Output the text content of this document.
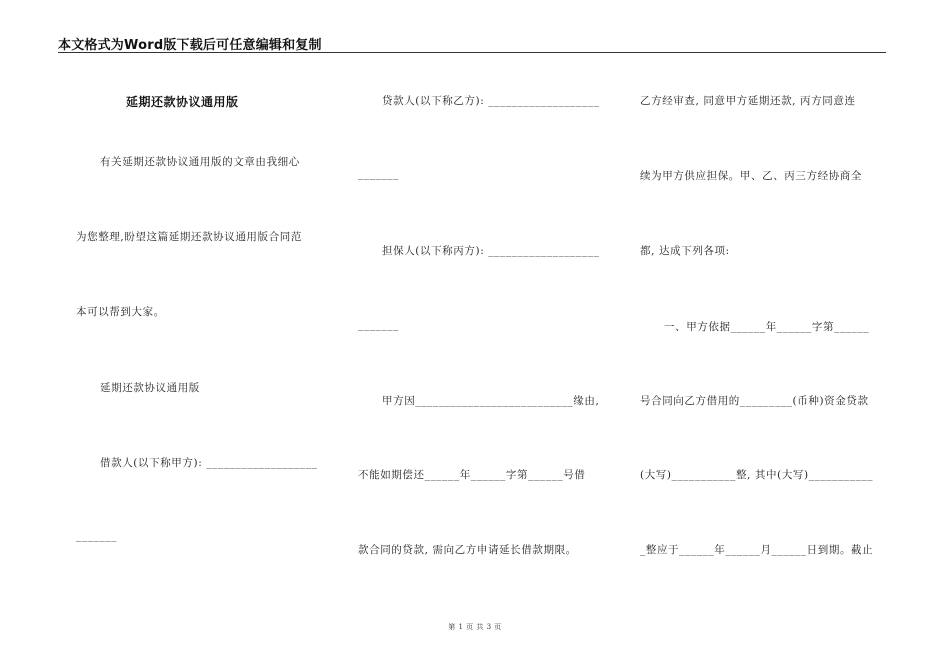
本文格式为Word版下载后可任意编辑和复制
延期还款协议通用版
有关延期还款协议通用版的文章由我细心
为您整理,盼望这篇延期还款协议通用版合同范
本可以帮到大家。
延期还款协议通用版
借款人(以下称甲方): ___________________
_______
贷款人(以下称乙方): ___________________
_______
担保人(以下称丙方): ___________________
_______
甲方因___________________________缘由,
不能如期偿还______年______字第______号借
款合同的贷款, 需向乙方申请延长借款期限。
乙方经审查, 同意甲方延期还款, 丙方同意连
续为甲方供应担保。甲、乙、丙三方经协商全
都, 达成下列各项:
一、甲方依据______年______字第______
号合同向乙方借用的_________(币种)资金贷款
(大写)___________整, 其中(大写)___________
_整应于______年______月______日到期。截止
第 1 页 共 3 页
